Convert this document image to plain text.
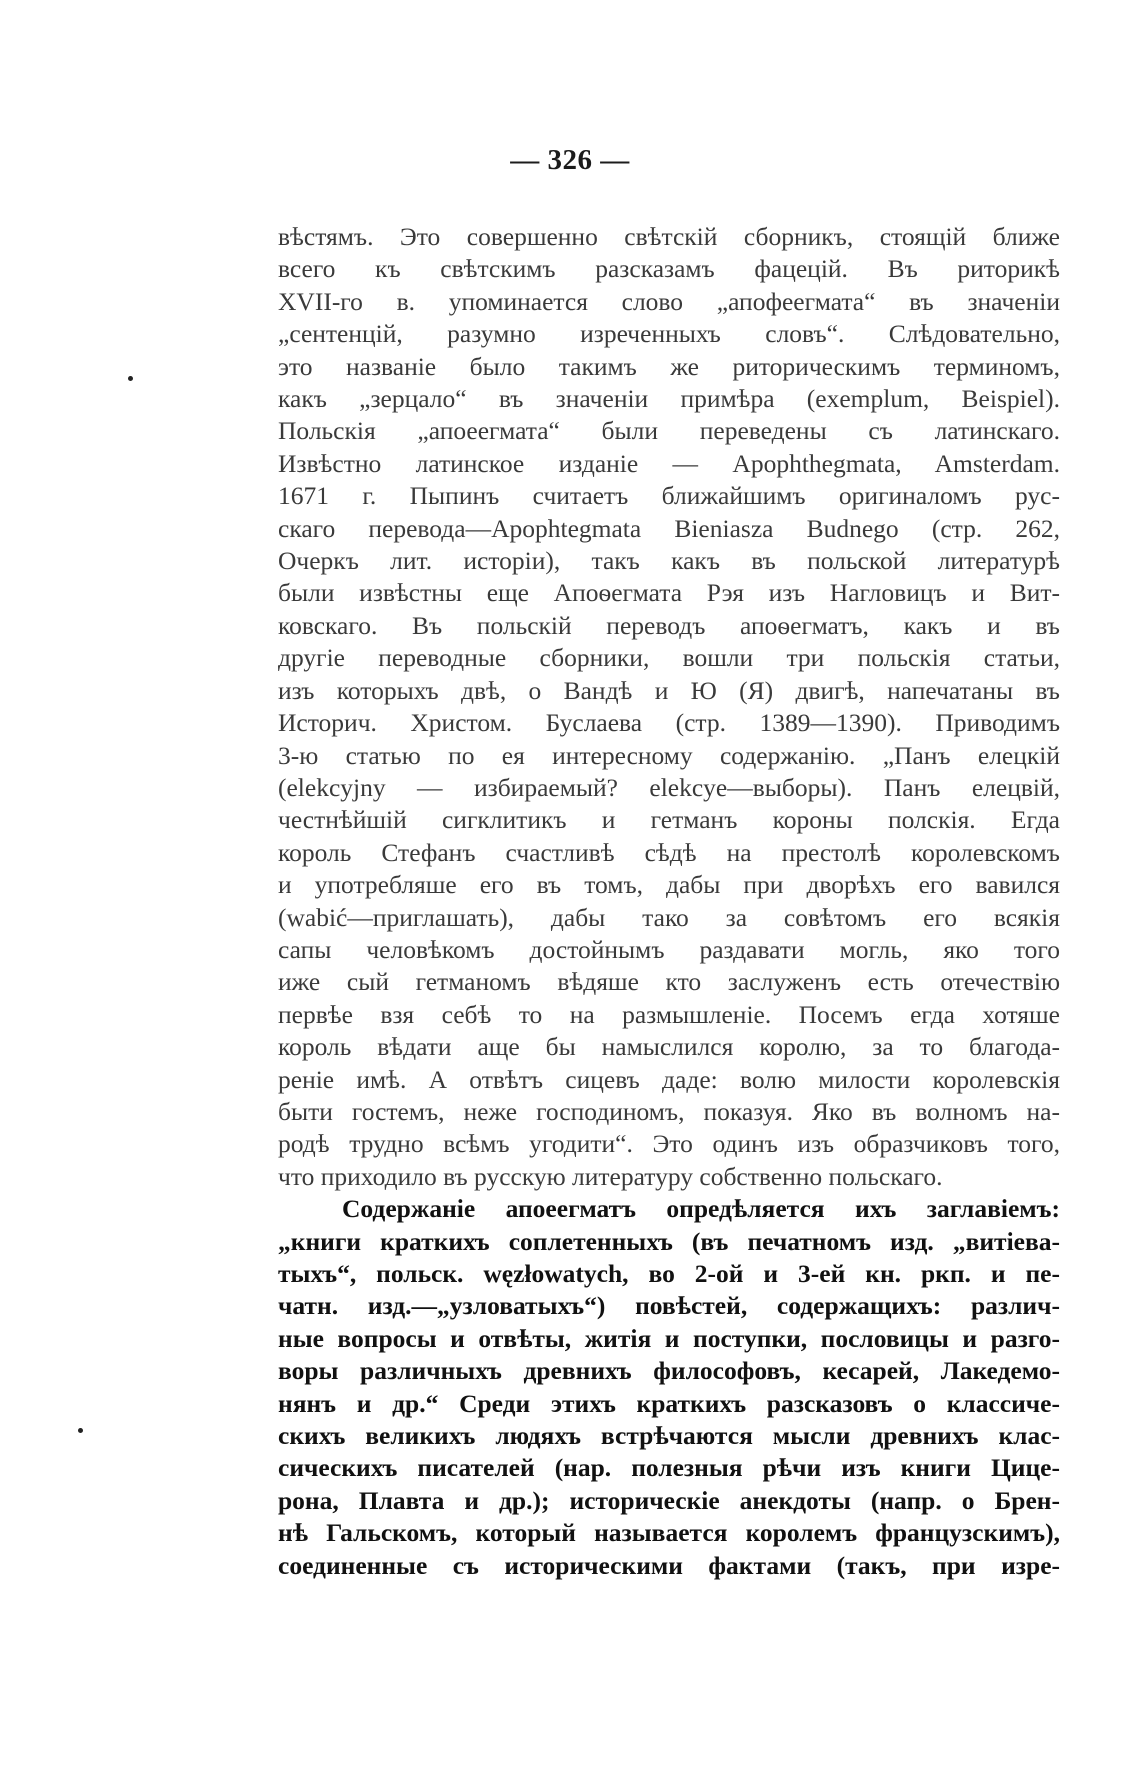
— 326 —
вѣстямъ. Это совершенно свѣтскій сборникъ, стоящій ближе
всего къ свѣтскимъ разсказамъ фацецій. Въ риторикѣ
XVII-го в. упоминается слово „апофеегмата“ въ значеніи
„сентенцій, разумно изреченныхъ словъ“. Слѣдовательно,
это названіе было такимъ же риторическимъ терминомъ,
какъ „зерцало“ въ значеніи примѣра (exemplum, Beispiel).
Польскія „апоеегмата“ были переведены съ латинскаго.
Извѣстно латинское изданіе — Apophthegmata, Amsterdam.
1671 г. Пыпинъ считаетъ ближайшимъ оригиналомъ рус-
скаго перевода—Apophtegmata Bieniasza Budnego (стр. 262,
Очеркъ лит. исторіи), такъ какъ въ польской литературѣ
были извѣстны еще Апоѳегмата Рэя изъ Нагловицъ и Вит-
ковскаго. Въ польскій переводъ апоѳегматъ, какъ и въ
другіе переводные сборники, вошли три польскія статьи,
изъ которыхъ двѣ, о Вандѣ и Ю (Я) двигѣ, напечатаны въ
Историч. Христом. Буслаева (стр. 1389—1390). Приводимъ
3-ю статью по ея интересному содержанію. „Панъ елецкій
(elekcyjny — избираемый? elekcye—выборы). Панъ елецвій,
честнѣйшій сигклитикъ и гетманъ короны полскія. Егда
король Стефанъ счастливѣ сѣдѣ на престолѣ королевскомъ
и употребляше его въ томъ, дабы при дворѣхъ его вавился
(wabić—приглашать), дабы тако за совѣтомъ его всякія
сапы человѣкомъ достойнымъ раздавати могль, яко того
иже сый гетманомъ вѣдяше кто заслуженъ есть отечествію
первѣе взя себѣ то на размышленіе. Посемъ егда хотяше
король вѣдати аще бы намыслился королю, за то благода-
реніе имѣ. А отвѣтъ сицевъ даде: волю милости королевскія
быти гостемъ, неже господиномъ, показуя. Яко въ волномъ на-
родѣ трудно всѣмъ угодити“. Это одинъ изъ образчиковъ того,
что приходило въ русскую литературу собственно польскаго.
Содержаніе апоеегматъ опредѣляется ихъ заглавіемъ:
„книги краткихъ соплетенныхъ (въ печатномъ изд. „витіева-
тыхъ“, польск. węzłowatych, во 2-ой и 3-ей кн. ркп. и пе-
чатн. изд.—„узловатыхъ“) повѣстей, содержащихъ: различ-
ные вопросы и отвѣты, житія и поступки, пословицы и разго-
воры различныхъ древнихъ философовъ, кесарей, Лакедемо-
нянъ и др.“ Среди этихъ краткихъ разсказовъ о классиче-
скихъ великихъ людяхъ встрѣчаются мысли древнихъ клас-
сическихъ писателей (нар. полезныя рѣчи изъ книги Цице-
рона, Плавта и др.); историческіе анекдоты (напр. о Брен-
нѣ Гальскомъ, который называется королемъ французскимъ),
соединенные съ историческими фактами (такъ, при изре-
